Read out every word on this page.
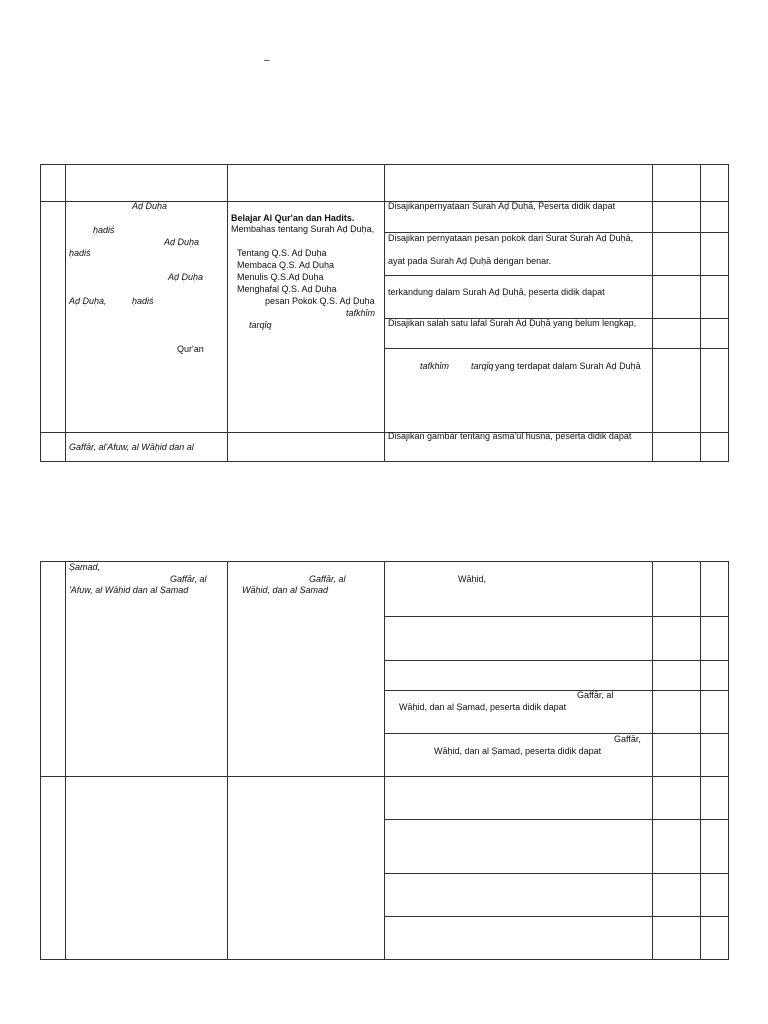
–
Aḍ Ḍuḥa
ḥadiś
Aḍ Ḍuḥa
ḥadiś
Aḍ Ḍuḥa
Aḍ Ḍuḥa,	ḥadiś
Qur'an
Belajar Al Qur'an dan Hadits.
Membahas tentang Surah Aḍ Ḍuḥa,
Tentang Q.S. Aḍ Ḍuḥa
Membaca Q.S. Aḍ Ḍuḥa
Menulis Q.S.Aḍ Ḍuḥa
Menghafal Q.S. Aḍ Ḍuḥa
pesan Pokok Q.S. Aḍ Ḍuḥa
tafkhīm
tarqīq
Disajikanpernyataan Surah Aḍ Ḍuḥā, Peserta didik dapat
Disajikan pernyataan pesan pokok dari Surat Surah Aḍ Ḍuḥā,
ayat pada Surah Aḍ Ḍuḥā dengan benar.
terkandung dalam Surah Aḍ Ḍuḥā, peserta didik dapat
Disajikan salah satu lafal Surah Aḍ Ḍuḥā yang belum lengkap,
tafkhīm tarqīq yang terdapat dalam Surah Aḍ Ḍuḥā
Gaffār, al'Afuw, al Wāḥid dan al
Disajikan gambar tentang asma'ul husna, peserta didik dapat
Ṣamad,
Gaffār, al
'Afuw, al Wāḥid dan al Ṣamad
Gaffār, al
Wāḥid, dan al Ṣamad
Wāḥid,
Gaffār, al
Wāḥid, dan al Ṣamad, peserta didik dapat
Gaffār,
Wāḥid, dan al Ṣamad, peserta didik dapat
